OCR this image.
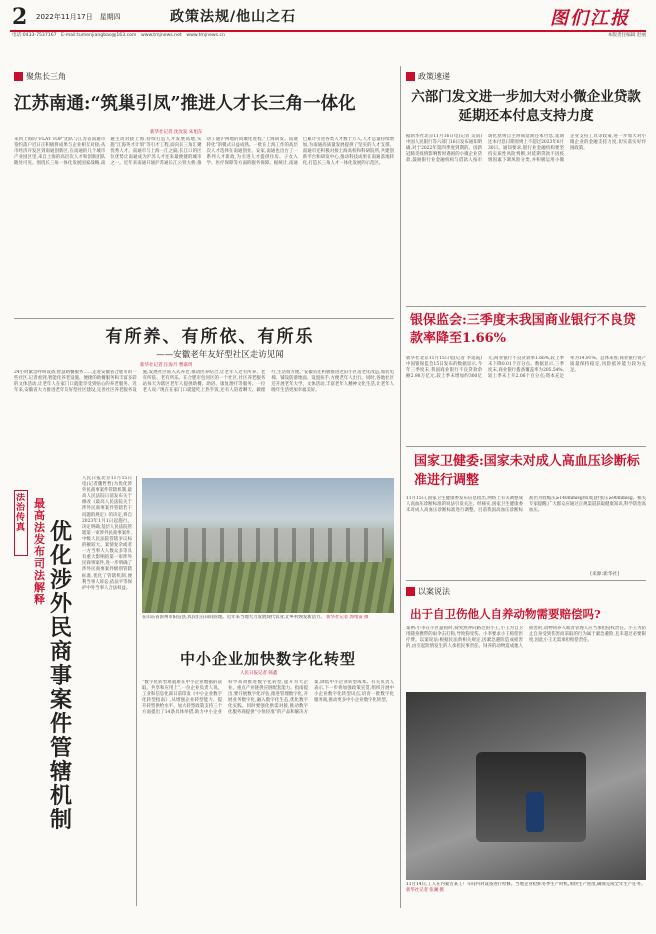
2 2022年11月17日　星期四	政策法规/他山之石	图们江报
电话:0433-7537167　E-mail:tumenjiangbao@163.com　www.tmjnews.net　www.tmjnews.cn	本版责任编辑 赵丽
聚焦长三角
江苏南通:“筑巢引凤”推进人才长三角一体化
新华社记者 沈汝发 朱旭东
来到上海的“FLAY TOP”团队与江苏省南通市签约落户近日正积极将成果与企业相互对接;从市经济开发区到南通创新区,在南通的几个城市产业园区里,来自上海的高层次人才和创新团队随处可见。围绕长三角一体化发展国家战略,南通主动对接上海,持续打造人才发展高地,实施“江海英才计划”等引才工程,面向长三角汇聚优秀人才。南通市与上海一江之隔,长江口的区位优势让南通成为沪苏人才往来最便捷的城市之一。近年来南通开通沪苏通长江公铁大桥,推动了通沪两地的同城化进程,“上海研发、南通转化”的模式日益成熟。一批在上海工作的高层次人才选择在南通创业、安家,南通也出台了一系列人才新政,为引进人才提供住房、子女入学、医疗保障等方面的服务保障。据统计,南通已累计引进各类人才数十万人,人才总量持续增加,为南通高质量发展提供了坚实的人才支撑。南通市还积极对接上海高校和科研院所,共建创新平台和研发中心,推动科技成果在南通落地转化,打造长三角人才一体化发展的示范区。
有所养、有所依、有所乐
——安徽老年友好型社区走访见闻
新华社记者 汪海月 曹嘉玥
24小时紧急呼叫设备,智慧助餐服务……走进安徽省合肥市的一些社区,记者看到,智能化养老设施、便捷的助餐服务和丰富多彩的文体活动,让老年人在家门口就能享受到贴心的养老服务。近年来,安徽省大力推进老年友好型社区建设,完善社区养老服务设施,发展社区嵌入式养老,推动医养结合,让老年人老有所养、老有所依、老有所乐。在合肥市包河区的一个社区,社区养老服务站每天为辖区老年人提供助餐、助浴、康复理疗等服务。一位老人说:“现在在家门口就能吃上热乎饭,还有人陪着聊天、做理疗,生活很方便。”安徽省还积极推进老旧小区适老化改造,加装电梯、铺设防滑地面、设置扶手,方便老年人出行。同时,各地社区还开展老年大学、文体活动,丰富老年人精神文化生活,让老年人晚年生活更加幸福美好。
法治传真
最高法发布司法解释
优化涉外民商事案件管辖机制
人民日报北京11月15日电(记者魏哲哲)为优化涉外民商事案件管辖机制,最高人民法院日前发布关于修改《最高人民法院关于涉外民商事案件管辖若干问题的规定》的决定,将自2023年1月1日起施行。决定明确,基层人民法院管辖第一审涉外民商事案件,中级人民法院管辖争议标的额较大、案情复杂或者一方当事人人数众多等具有重大影响的第一审涉外民商事案件,进一步明确了涉外民商事案件级别管辖标准,优化了管辖机制,便利当事人诉讼,依法平等保护中外当事人合法权益。
在山东省滨州市阳信县,农民们在田间管理。近年来当地大力发展现代农业,让乡村焕发新活力。 新华社记者 郭绪雷 摄
中小企业加快数字化转型
人民日报记者 韩鑫
“数字化转型难就难在中小企业数据的获取、共享和应用上”,一位企业负责人说。工业和信息化部日前印发《中小企业数字化转型指南》,从增强企业转型能力、提升转型供给水平、加大转型政策支持三个方面提出了14条具体举措,助力中小企业科学高效推进数字化转型,提升为大企业、重点产业链供应链配套能力。指南提出,要开展数字化评估,推进管理数字化,开展业务数字化,融入数字化生态,优化数字化实践。同时要强化供需对接,推动数字化服务商提供“小快轻准”的产品和解决方案,降低中小企业转型成本。有关负责人表示,下一步将加强政策宣贯,组织开展中小企业数字化转型试点,培育一批数字化服务商,推动更多中小企业数字化转型。
政策速递
六部门发文进一步加大对小微企业贷款延期还本付息支持力度
据新华社北京11月16日电(记者 吴雨)中国人民银行等六部门16日发布通知明确,对于2022年第四季度到期的、因新冠肺炎疫情影响暂时遇困的小微企业贷款,鼓励银行业金融机构与借款人按市场化原则自主协商延期还本付息,延期还本付息日期原则上不超过2023年6月30日。通知要求,银行业金融机构要坚持实质性风险判断,对延期贷款不因疫情因素下调风险分类,并积极运用小微企业支持工具等政策,进一步加大对小微企业的金融支持力度,切实落实好纾困政策。
银保监会:三季度末我国商业银行不良贷款率降至1.66%
新华社北京11月15日电(记者 李延霞)中国银保监会15日发布的数据显示,今年三季度末,我国商业银行不良贷款余额2.98万亿元,较上季末增加约300亿元;商业银行不良贷款率1.66%,较上季末下降0.01个百分点。数据显示,三季度末,商业银行拨备覆盖率为205.54%,较上季末上升2.06个百分点;资本充足率为14.91%。总体来看,商业银行资产质量保持稳定,风险抵补能力较为充足。
国家卫健委:国家未对成人高血压诊断标准进行调整
11月15日,国家卫生健康委发布信息指出,网络上有关调整成人高血压诊断标准的说法引发关注。经核实,国家卫生健康委未对成人高血压诊断标准进行调整。目前我国高血压诊断标准仍为收缩压≥140mmHg和(或)舒张压≥90mmHg。相关专家提醒,广大群众应通过正规渠道获取健康知识,科学防治高血压。
(来源:新华社)
以案说法
出于自卫伤他人自养动物需要赔偿吗?
案例:小李在小区遛狗时,狗突然冲向路过的小王,小王为自卫用随身携带的雨伞击打狗,导致狗受伤。小李要求小王赔偿医疗费。以案说法:根据民法典相关规定,因紧急避险造成损害的,由引起险情发生的人承担民事责任。饲养的动物造成他人损害的,动物饲养人或者管理人应当承担侵权责任。小王为防止自身受到伤害而采取的行为属于紧急避险,且未超过必要限度,因此小王无需承担赔偿责任。
11月14日,工人在内蒙古某工厂车间内对设备进行检修。当地企业抢抓冬季生产时机,加快生产进度,确保完成全年生产任务。 新华社记者 张澜 摄
